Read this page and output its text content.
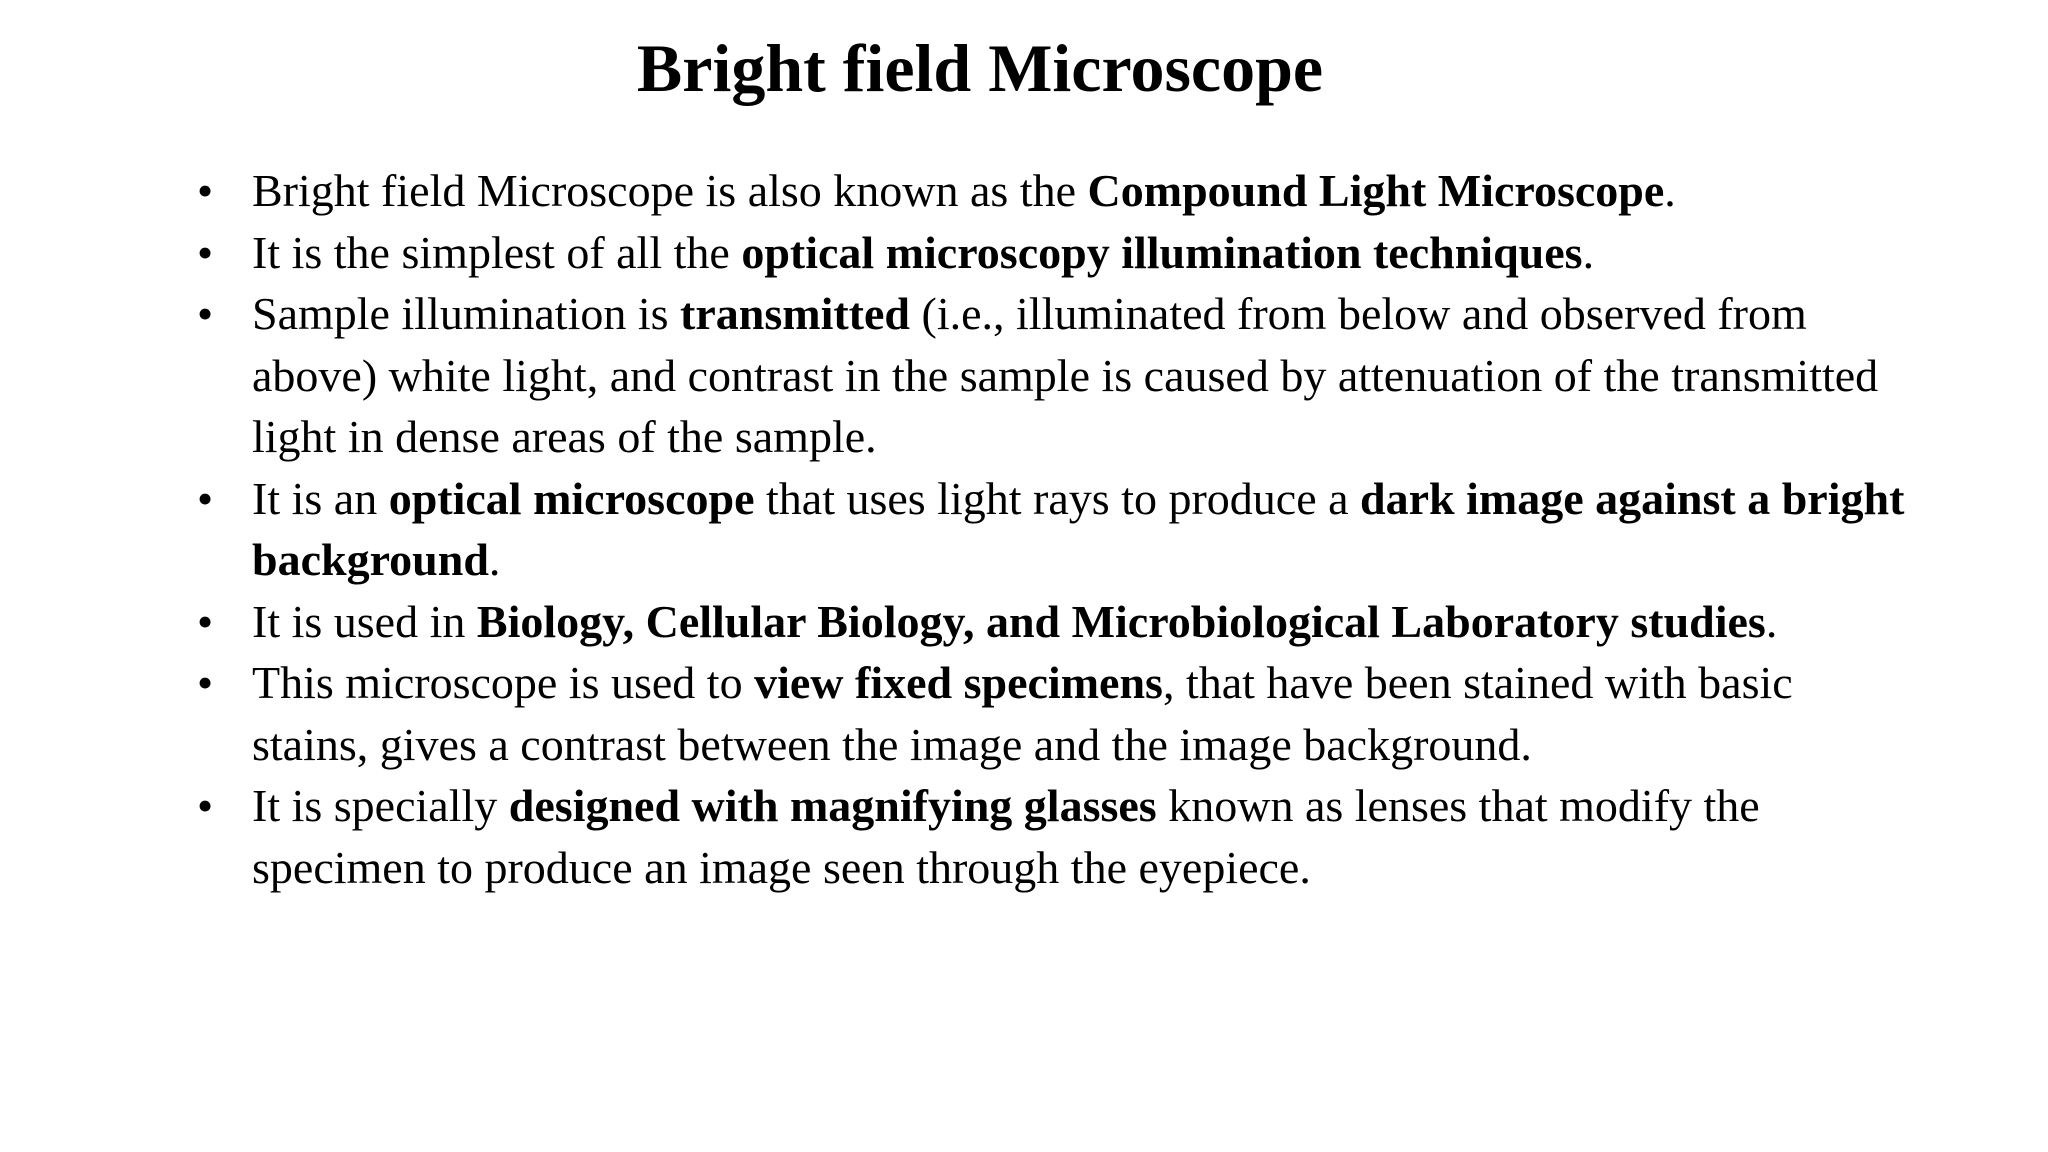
Bright field Microscope
• Bright field Microscope is also known as the Compound Light Microscope.
• It is the simplest of all the optical microscopy illumination techniques.
• Sample illumination is transmitted (i.e., illuminated from below and observed from above) white light, and contrast in the sample is caused by attenuation of the transmitted light in dense areas of the sample.
• It is an optical microscope that uses light rays to produce a dark image against a bright background.
• It is used in Biology, Cellular Biology, and Microbiological Laboratory studies.
• This microscope is used to view fixed specimens, that have been stained with basic stains, gives a contrast between the image and the image background.
• It is specially designed with magnifying glasses known as lenses that modify the specimen to produce an image seen through the eyepiece.
